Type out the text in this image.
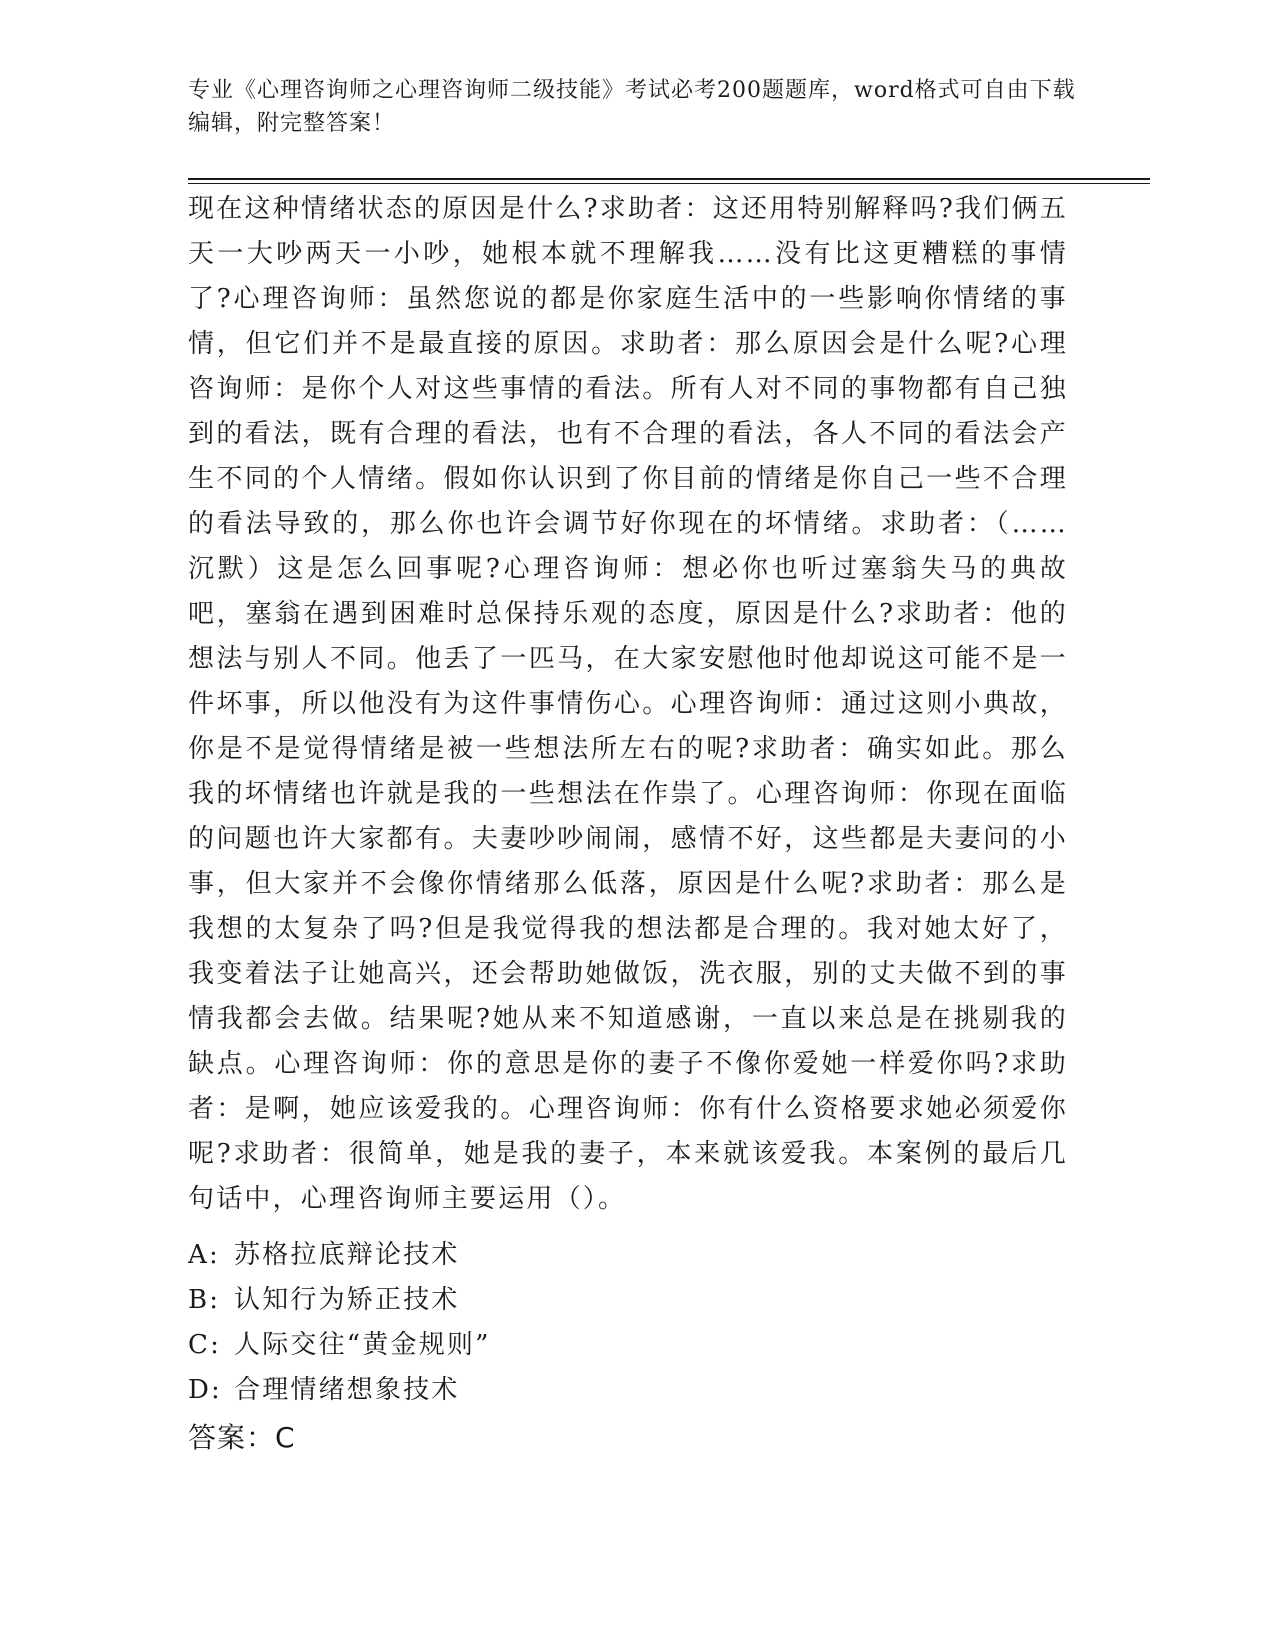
专业《心理咨询师之心理咨询师二级技能》考试必考200题题库，word格式可自由下载编辑，附完整答案！
现在这种情绪状态的原因是什么?求助者：这还用特别解释吗?我们俩五天一大吵两天一小吵，她根本就不理解我……没有比这更糟糕的事情了?心理咨询师：虽然您说的都是你家庭生活中的一些影响你情绪的事情，但它们并不是最直接的原因。求助者：那么原因会是什么呢?心理咨询师：是你个人对这些事情的看法。所有人对不同的事物都有自己独到的看法，既有合理的看法，也有不合理的看法，各人不同的看法会产生不同的个人情绪。假如你认识到了你目前的情绪是你自己一些不合理的看法导致的，那么你也许会调节好你现在的坏情绪。求助者：（……沉默）这是怎么回事呢?心理咨询师：想必你也听过塞翁失马的典故吧，塞翁在遇到困难时总保持乐观的态度，原因是什么?求助者：他的想法与别人不同。他丢了一匹马，在大家安慰他时他却说这可能不是一件坏事，所以他没有为这件事情伤心。心理咨询师：通过这则小典故，你是不是觉得情绪是被一些想法所左右的呢?求助者：确实如此。那么我的坏情绪也许就是我的一些想法在作祟了。心理咨询师：你现在面临的问题也许大家都有。夫妻吵吵闹闹，感情不好，这些都是夫妻问的小事，但大家并不会像你情绪那么低落，原因是什么呢?求助者：那么是我想的太复杂了吗?但是我觉得我的想法都是合理的。我对她太好了，我变着法子让她高兴，还会帮助她做饭，洗衣服，别的丈夫做不到的事情我都会去做。结果呢?她从来不知道感谢，一直以来总是在挑剔我的缺点。心理咨询师：你的意思是你的妻子不像你爱她一样爱你吗?求助者：是啊，她应该爱我的。心理咨询师：你有什么资格要求她必须爱你呢?求助者：很简单，她是我的妻子，本来就该爱我。本案例的最后几句话中，心理咨询师主要运用（）。
A: 苏格拉底辩论技术
B: 认知行为矫正技术
C: 人际交往“黄金规则”
D: 合理情绪想象技术
答案：C
